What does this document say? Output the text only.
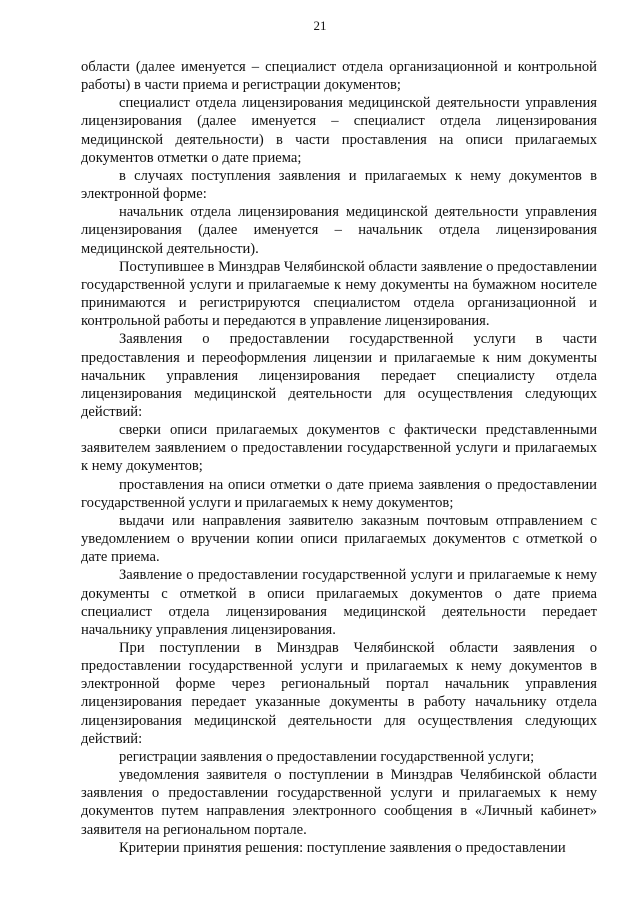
21

области (далее именуется – специалист отдела организационной и контрольной работы) в части приема и регистрации документов;

специалист отдела лицензирования медицинской деятельности управления лицензирования (далее именуется – специалист отдела лицензирования медицинской деятельности) в части проставления на описи прилагаемых документов отметки о дате приема;

в случаях поступления заявления и прилагаемых к нему документов в электронной форме:

начальник отдела лицензирования медицинской деятельности управления лицензирования (далее именуется – начальник отдела лицензирования медицинской деятельности).

Поступившее в Минздрав Челябинской области заявление о предоставлении государственной услуги и прилагаемые к нему документы на бумажном носителе принимаются и регистрируются специалистом отдела организационной и контрольной работы и передаются в управление лицензирования.

Заявления о предоставлении государственной услуги в части предоставления и переоформления лицензии и прилагаемые к ним документы начальник управления лицензирования передает специалисту отдела лицензирования медицинской деятельности для осуществления следующих действий:

сверки описи прилагаемых документов с фактически представленными заявителем заявлением о предоставлении государственной услуги и прилагаемых к нему документов;

проставления на описи отметки о дате приема заявления о предоставлении государственной услуги и прилагаемых к нему документов;

выдачи или направления заявителю заказным почтовым отправлением с уведомлением о вручении копии описи прилагаемых документов с отметкой о дате приема.

Заявление о предоставлении государственной услуги и прилагаемые к нему документы с отметкой в описи прилагаемых документов о дате приема специалист отдела лицензирования медицинской деятельности передает начальнику управления лицензирования.

При поступлении в Минздрав Челябинской области заявления о предоставлении государственной услуги и прилагаемых к нему документов в электронной форме через региональный портал начальник управления лицензирования передает указанные документы в работу начальнику отдела лицензирования медицинской деятельности для осуществления следующих действий:

регистрации заявления о предоставлении государственной услуги;

уведомления заявителя о поступлении в Минздрав Челябинской области заявления о предоставлении государственной услуги и прилагаемых к нему документов путем направления электронного сообщения в «Личный кабинет» заявителя на региональном портале.

Критерии принятия решения: поступление заявления о предоставлении
